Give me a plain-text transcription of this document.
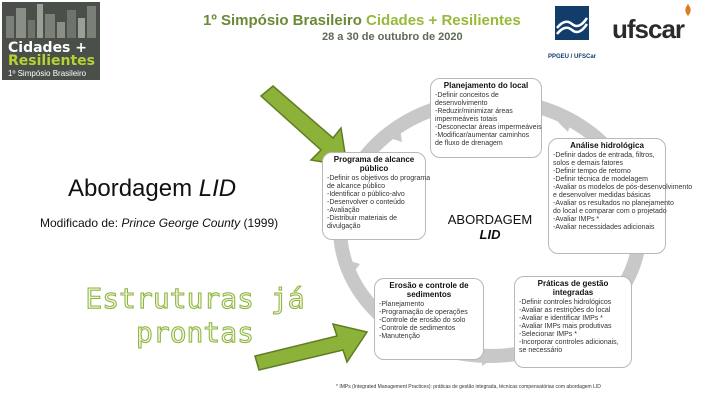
Cidades +
Resilientes
1º Simpósio Brasileiro
1º Simpósio Brasileiro Cidades + Resilientes
28 a 30 de outubro de 2020
PPGEU / UFSCar
ufscar
Abordagem LID
Modificado de: Prince George County (1999)
Estruturas já
prontas
ABORDAGEM
LID
Planejamento do local
-Definir conceitos de
desenvolvimento
-Reduzir/minimizar áreas
impermeáveis totais
-Desconectar áreas impermeáveis
-Modificar/aumentar caminhos
de fluxo de drenagem
Programa de alcance público
-Definir os objetivos do programa
de alcance público
-Identificar o público-alvo
-Desenvolver o conteúdo
-Avaliação
-Distribuir materiais de
divulgação
Análise hidrológica
-Definir dados de entrada, filtros,
solos e demais fatores
-Definir tempo de retorno
-Definir técnica de modelagem
-Avaliar os modelos de pós-desenvolvimento
e desenvolver medidas básicas
-Avaliar os resultados no planejamento
do local e comparar com o projetado
-Avaliar IMPs *
-Avaliar necessidades adicionais
Erosão e controle de sedimentos
-Planejamento
-Programação de operações
-Controle de erosão do solo
-Controle de sedimentos
-Manutenção
Práticas de gestão integradas
-Definir controles hidrológicos
-Avaliar as restrições do local
-Avaliar e identificar IMPs *
-Avaliar IMPs mais produtivas
-Selecionar IMPs *
-Incorporar controles adicionais,
se necessário
* IMPs (Integrated Management Practices): práticas de gestão integrada, técnicas compensatórias com abordagem LID
